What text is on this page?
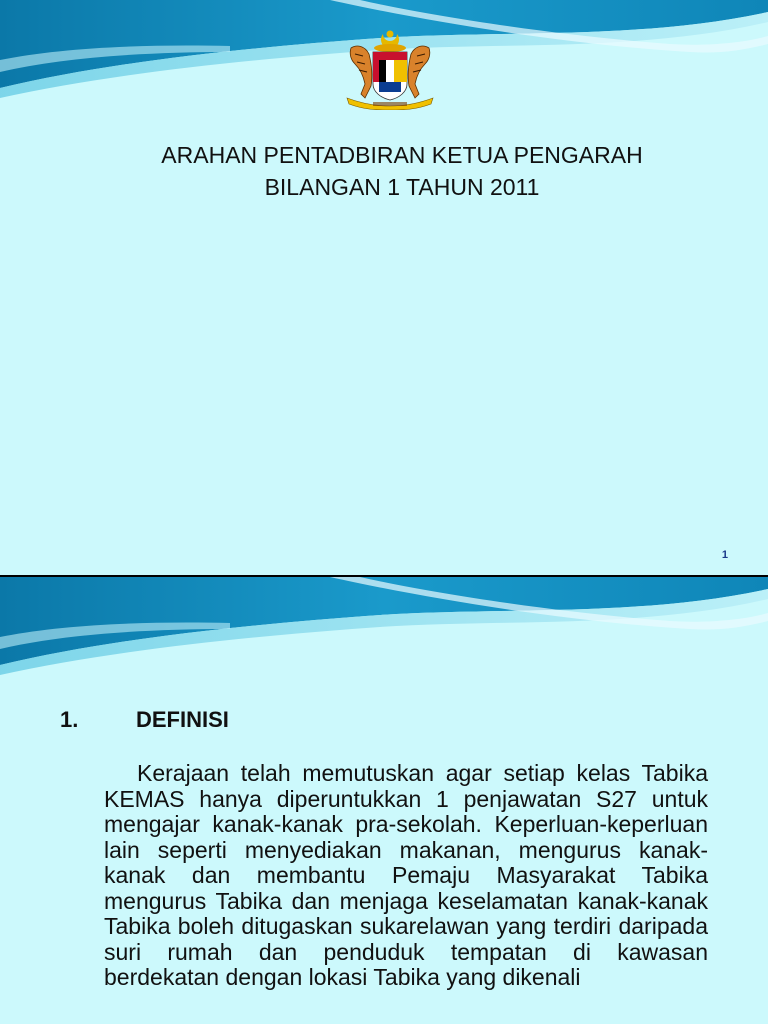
ARAHAN PENTADBIRAN KETUA PENGARAH
BILANGAN 1 TAHUN 2011
1
1.	DEFINISI

Kerajaan telah memutuskan agar setiap kelas Tabika KEMAS hanya diperuntukkan 1 penjawatan S27 untuk mengajar kanak-kanak pra-sekolah. Keperluan-keperluan lain seperti menyediakan makanan, mengurus kanak-kanak dan membantu Pemaju Masyarakat Tabika mengurus Tabika dan menjaga keselamatan kanak-kanak Tabika boleh ditugaskan sukarelawan yang terdiri daripada suri rumah dan penduduk tempatan di kawasan berdekatan dengan lokasi Tabika yang dikenali
